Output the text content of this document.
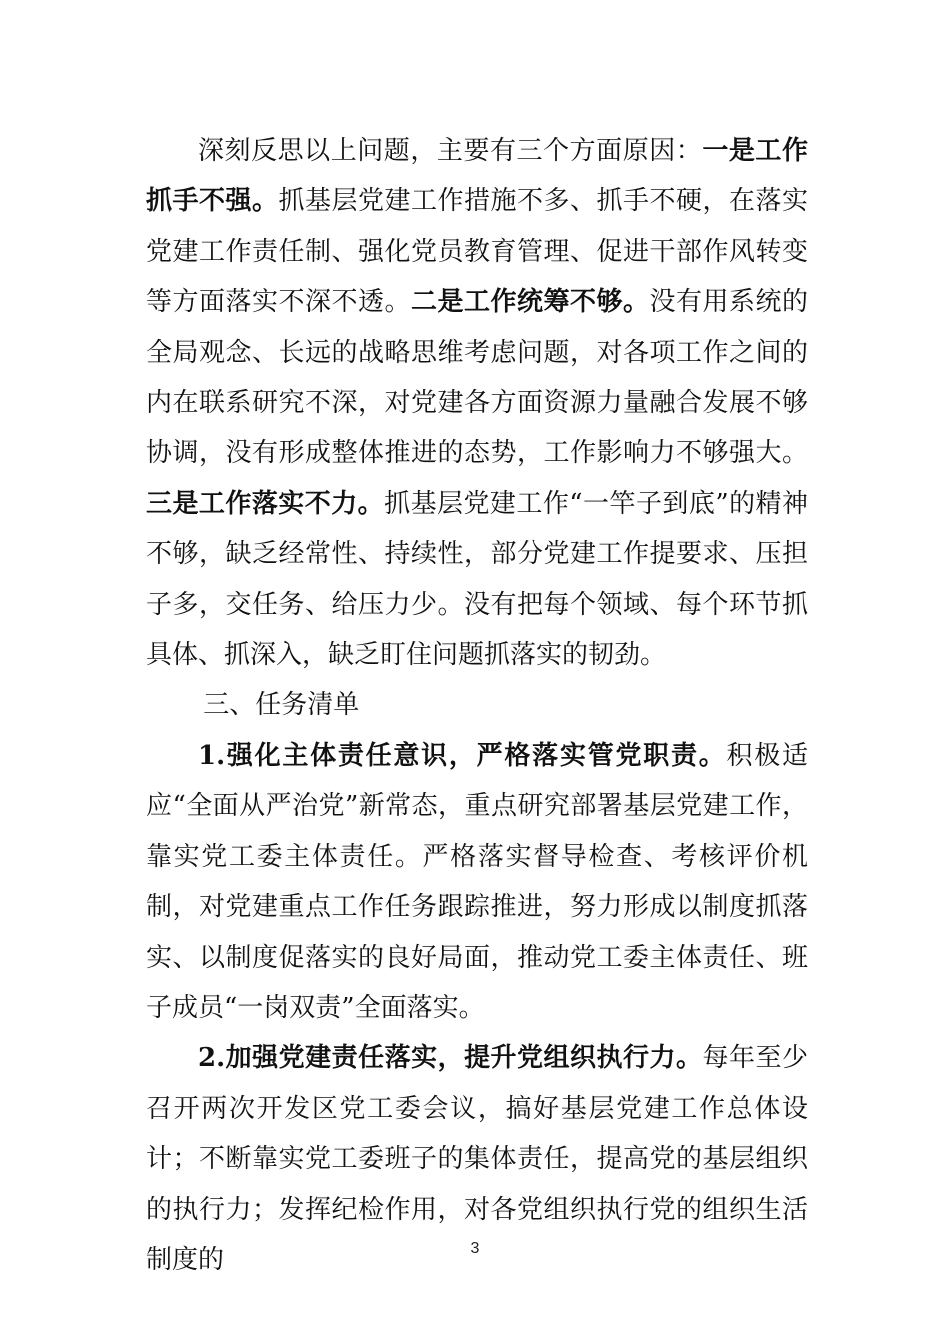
深刻反思以上问题，主要有三个方面原因：一是工作抓手不强。抓基层党建工作措施不多、抓手不硬，在落实党建工作责任制、强化党员教育管理、促进干部作风转变等方面落实不深不透。二是工作统筹不够。没有用系统的全局观念、长远的战略思维考虑问题，对各项工作之间的内在联系研究不深，对党建各方面资源力量融合发展不够协调，没有形成整体推进的态势，工作影响力不够强大。三是工作落实不力。抓基层党建工作“一竿子到底”的精神不够，缺乏经常性、持续性，部分党建工作提要求、压担子多，交任务、给压力少。没有把每个领域、每个环节抓具体、抓深入，缺乏盯住问题抓落实的韧劲。

三、任务清单

1.强化主体责任意识，严格落实管党职责。积极适应“全面从严治党”新常态，重点研究部署基层党建工作，靠实党工委主体责任。严格落实督导检查、考核评价机制，对党建重点工作任务跟踪推进，努力形成以制度抓落实、以制度促落实的良好局面，推动党工委主体责任、班子成员“一岗双责”全面落实。

2.加强党建责任落实，提升党组织执行力。每年至少召开两次开发区党工委会议，搞好基层党建工作总体设计；不断靠实党工委班子的集体责任，提高党的基层组织的执行力；发挥纪检作用，对各党组织执行党的组织生活制度的	3
